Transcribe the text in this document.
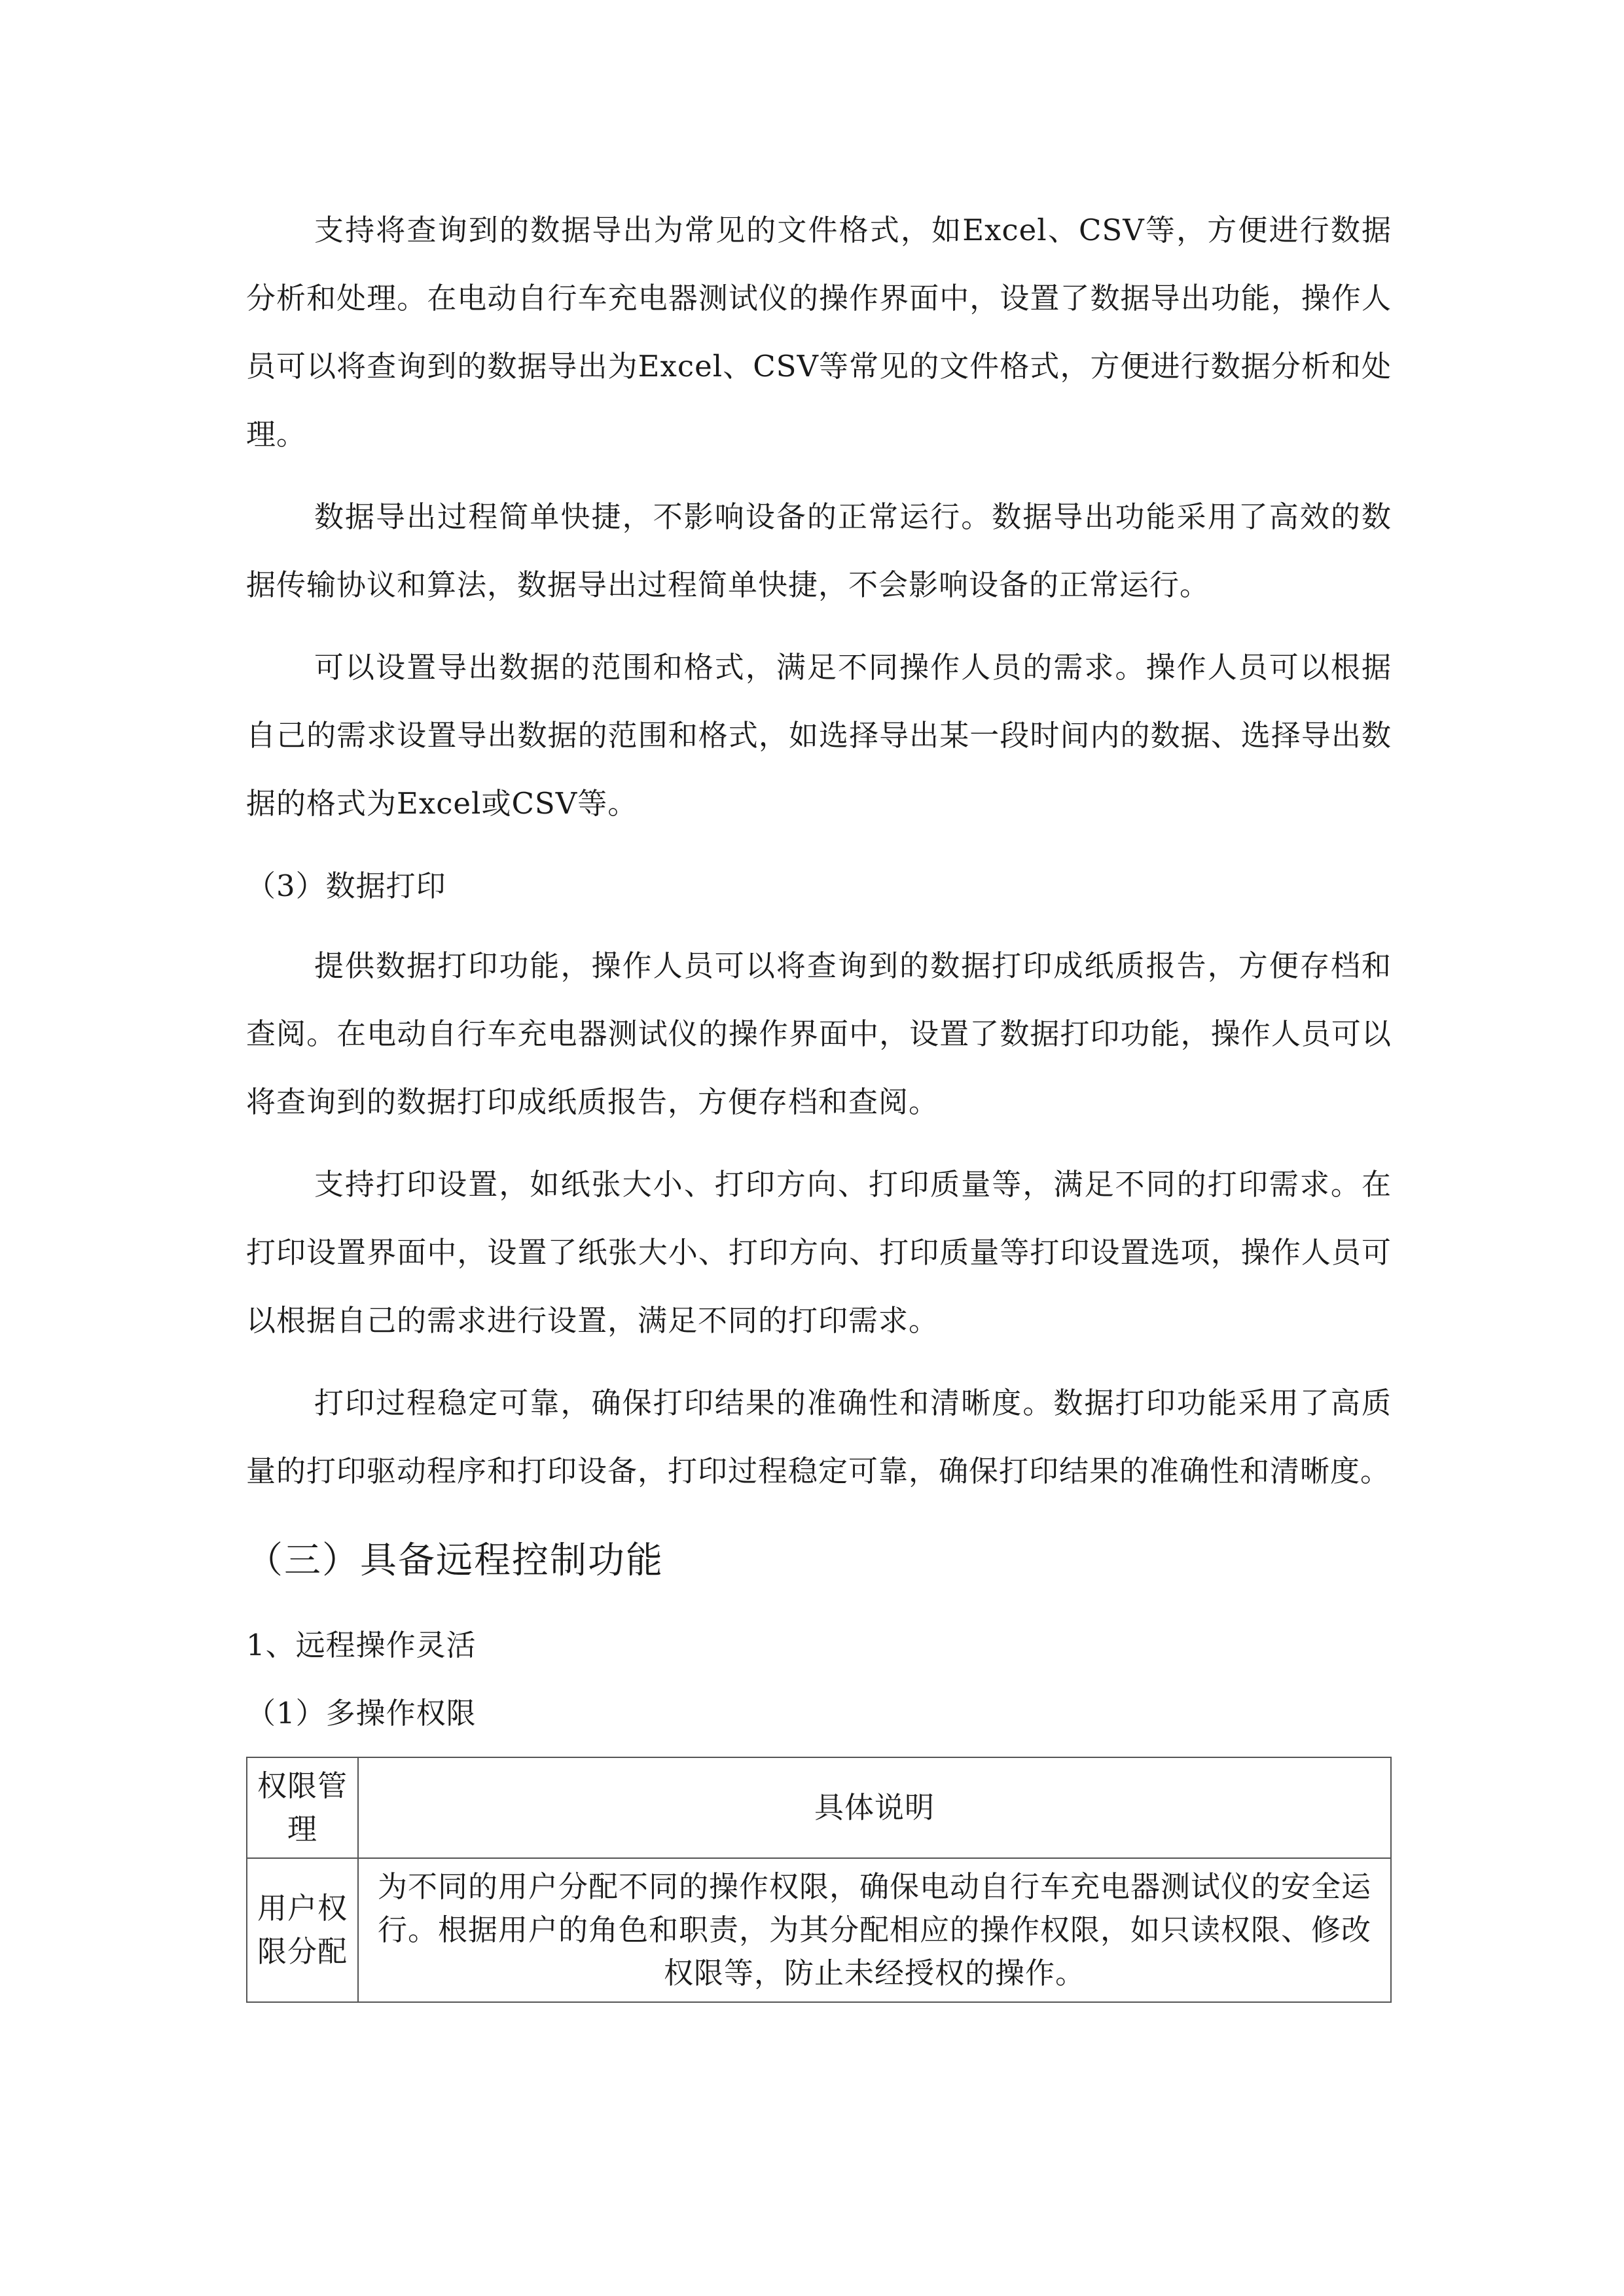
支持将查询到的数据导出为常见的文件格式，如Excel、CSV等，方便进行数据分析和处理。在电动自行车充电器测试仪的操作界面中，设置了数据导出功能，操作人员可以将查询到的数据导出为Excel、CSV等常见的文件格式，方便进行数据分析和处理。

数据导出过程简单快捷，不影响设备的正常运行。数据导出功能采用了高效的数据传输协议和算法，数据导出过程简单快捷，不会影响设备的正常运行。

可以设置导出数据的范围和格式，满足不同操作人员的需求。操作人员可以根据自己的需求设置导出数据的范围和格式，如选择导出某一段时间内的数据、选择导出数据的格式为Excel或CSV等。

（3）数据打印

提供数据打印功能，操作人员可以将查询到的数据打印成纸质报告，方便存档和查阅。在电动自行车充电器测试仪的操作界面中，设置了数据打印功能，操作人员可以将查询到的数据打印成纸质报告，方便存档和查阅。

支持打印设置，如纸张大小、打印方向、打印质量等，满足不同的打印需求。在打印设置界面中，设置了纸张大小、打印方向、打印质量等打印设置选项，操作人员可以根据自己的需求进行设置，满足不同的打印需求。

打印过程稳定可靠，确保打印结果的准确性和清晰度。数据打印功能采用了高质量的打印驱动程序和打印设备，打印过程稳定可靠，确保打印结果的准确性和清晰度。

（三）具备远程控制功能
1、远程操作灵活
（1）多操作权限
权限管理	具体说明
用户权限分配	为不同的用户分配不同的操作权限，确保电动自行车充电器测试仪的安全运行。根据用户的角色和职责，为其分配相应的操作权限，如只读权限、修改权限等，防止未经授权的操作。
